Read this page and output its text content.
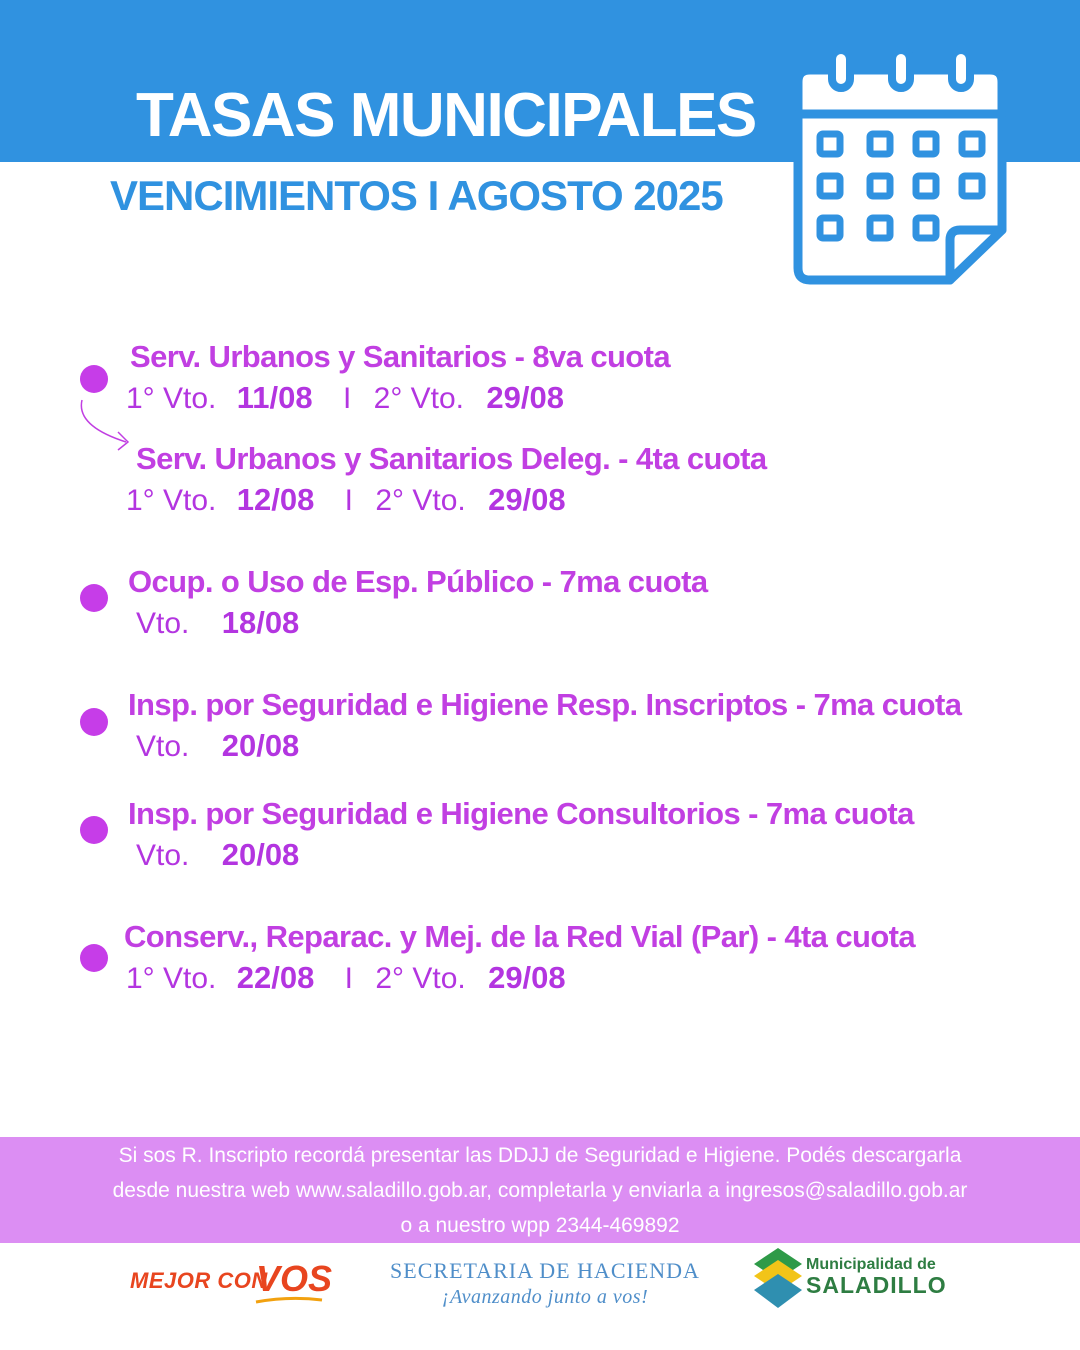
TASAS MUNICIPALES
VENCIMIENTOS I AGOSTO 2025
Serv. Urbanos y Sanitarios - 8va cuota
1° Vto. 11/08 I 2° Vto. 29/08
Serv. Urbanos y Sanitarios Deleg. - 4ta cuota
1° Vto. 12/08 I 2° Vto. 29/08
Ocup. o Uso de Esp. Público - 7ma cuota
Vto. 18/08
Insp. por Seguridad e Higiene Resp. Inscriptos - 7ma cuota
Vto. 20/08
Insp. por Seguridad e Higiene Consultorios - 7ma cuota
Vto. 20/08
Conserv., Reparac. y Mej. de la Red Vial (Par) - 4ta cuota
1° Vto. 22/08 I 2° Vto. 29/08
Si sos R. Inscripto recordá presentar las DDJJ de Seguridad e Higiene. Podés descargarla
desde nuestra web www.saladillo.gob.ar, completarla y enviarla a ingresos@saladillo.gob.ar
o a nuestro wpp 2344-469892
MEJOR CON
VOS	SECRETARIA DE HACIENDA
¡Avanzando junto a vos!
Municipalidad de
SALADILLO
